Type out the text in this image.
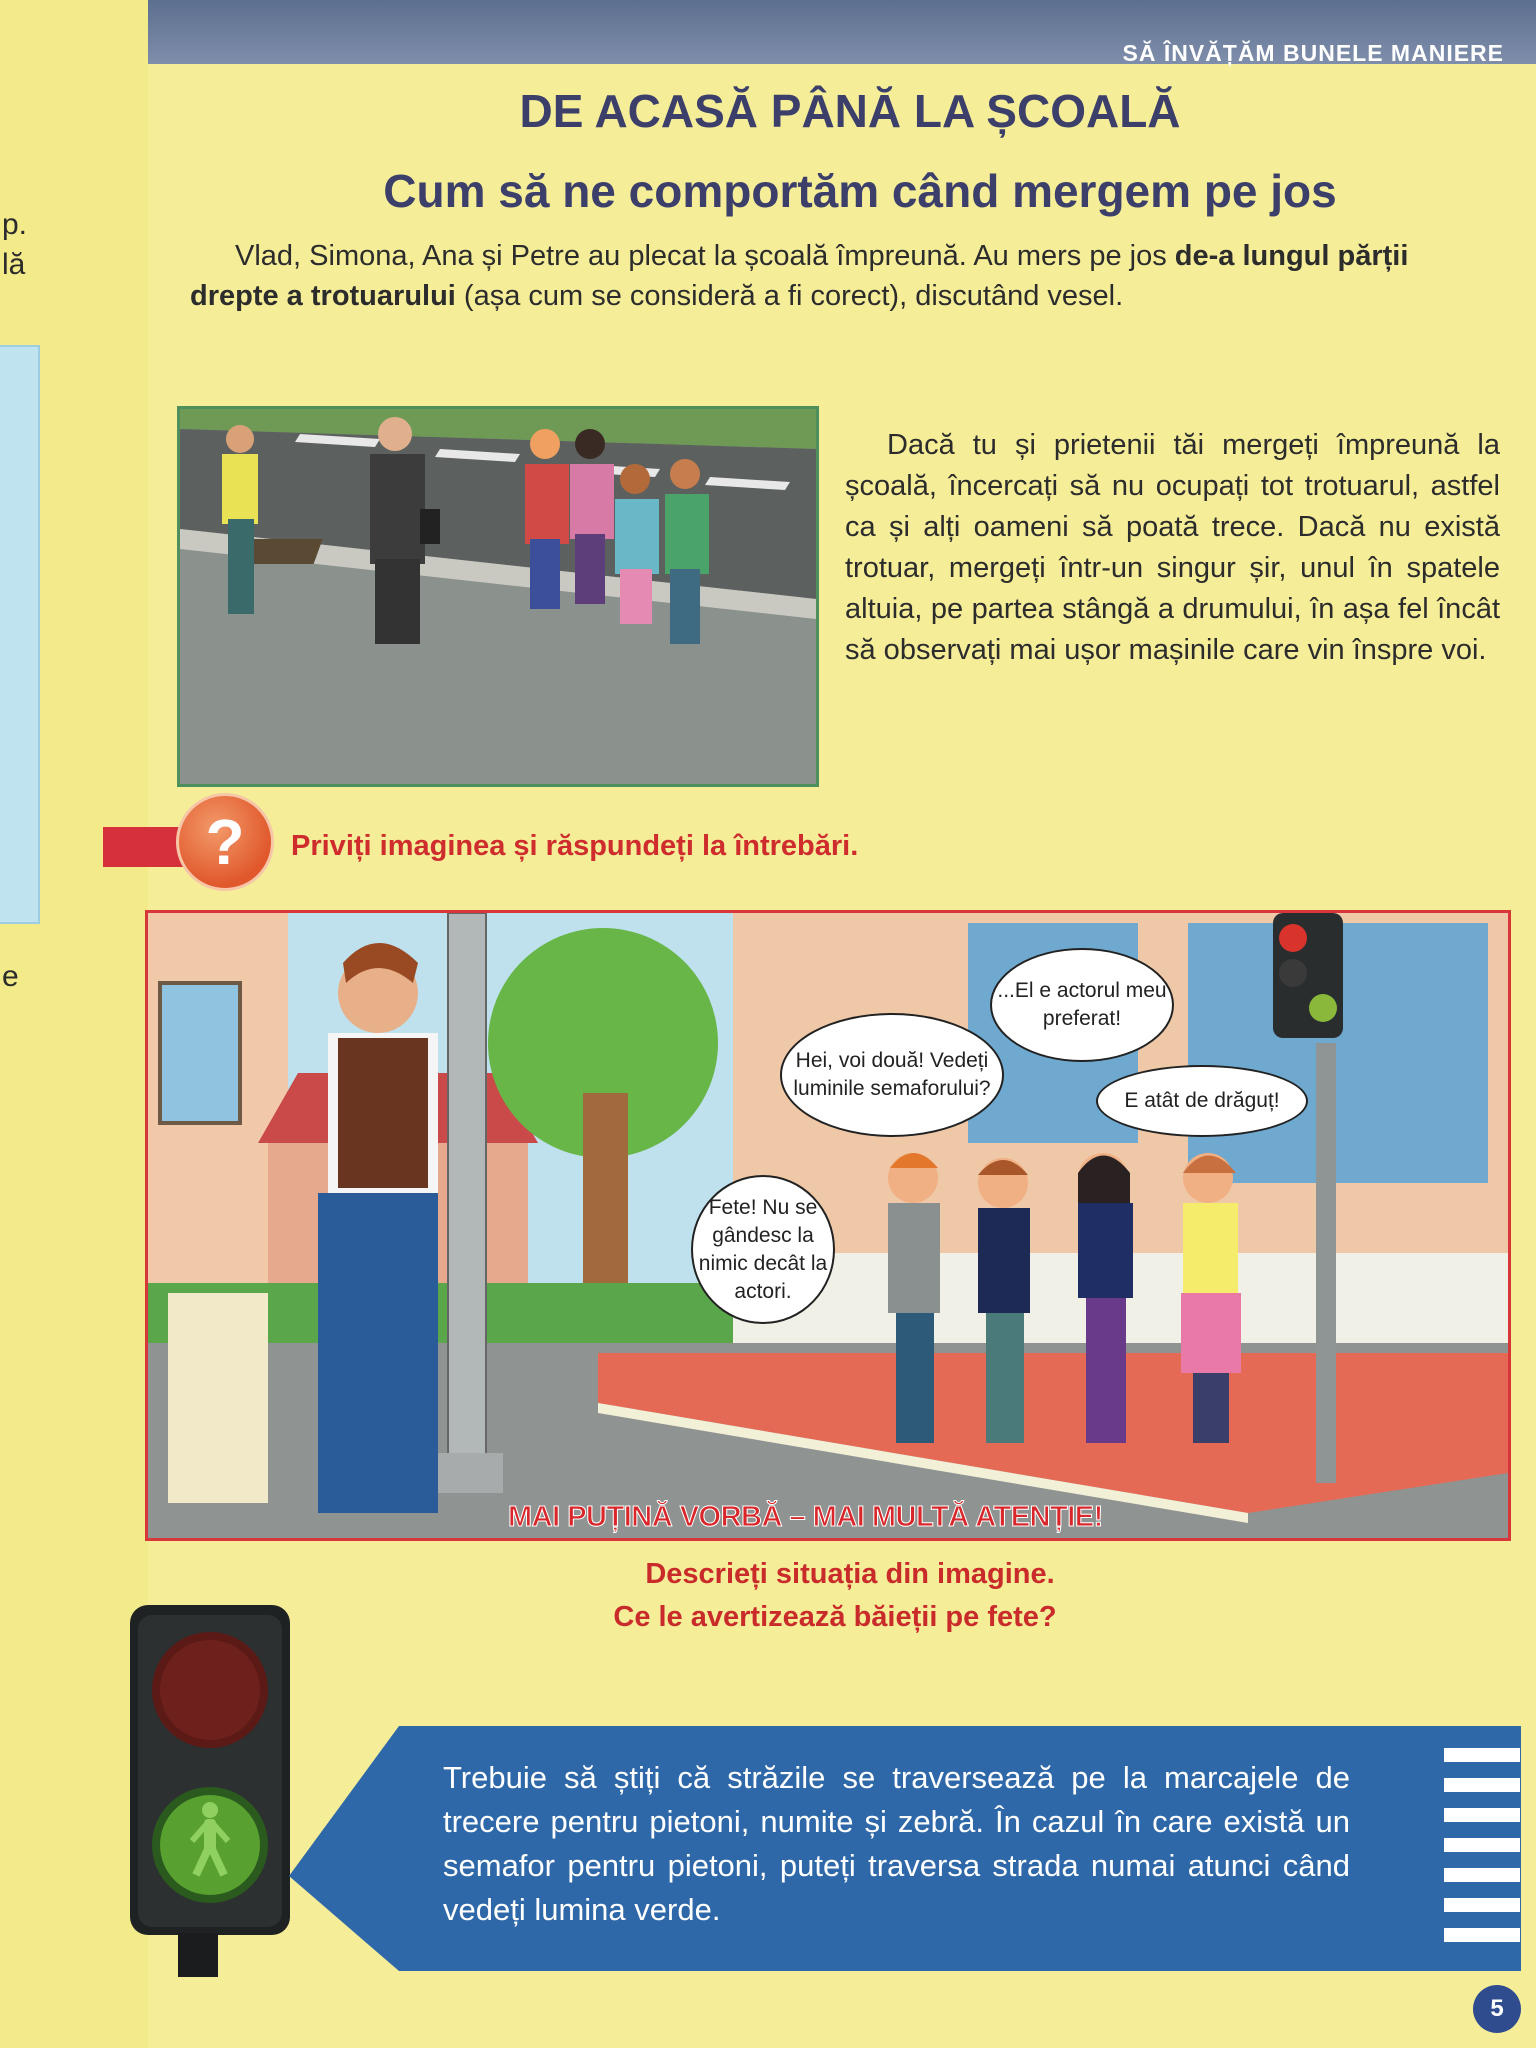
p.
lă
e
SĂ ÎNVĂȚĂM BUNELE MANIERE
DE ACASĂ PÂNĂ LA ȘCOALĂ
Cum să ne comportăm când mergem pe jos
Vlad, Simona, Ana și Petre au plecat la școală împreună. Au mers pe jos de-a lungul părții drepte a trotuarului (așa cum se consideră a fi corect), discutând vesel.
Dacă tu și prietenii tăi mergeți împreună la școală, încercați să nu ocupați tot trotuarul, astfel ca și alți oameni să poată trece. Dacă nu există trotuar, mergeți într-un singur șir, unul în spatele altuia, pe partea stângă a drumului, în așa fel încât să observați mai ușor mașinile care vin înspre voi.
?	Priviți imaginea și răspundeți la întrebări.
Fete! Nu se gândesc la nimic decât la actori.
Hei, voi două! Vedeți luminile semaforului?
...El e actorul meu preferat!
E atât de drăguț!
MAI PUȚINĂ VORBĂ – MAI MULTĂ ATENȚIE!
Descrieți situația din imagine.
Ce le avertizează băieții pe fete?
Trebuie să știți că străzile se traversează pe la marcajele de trecere pentru pietoni, numite și zebră. În cazul în care există un semafor pentru pietoni, puteți traversa strada numai atunci când vedeți lumina verde.
5
